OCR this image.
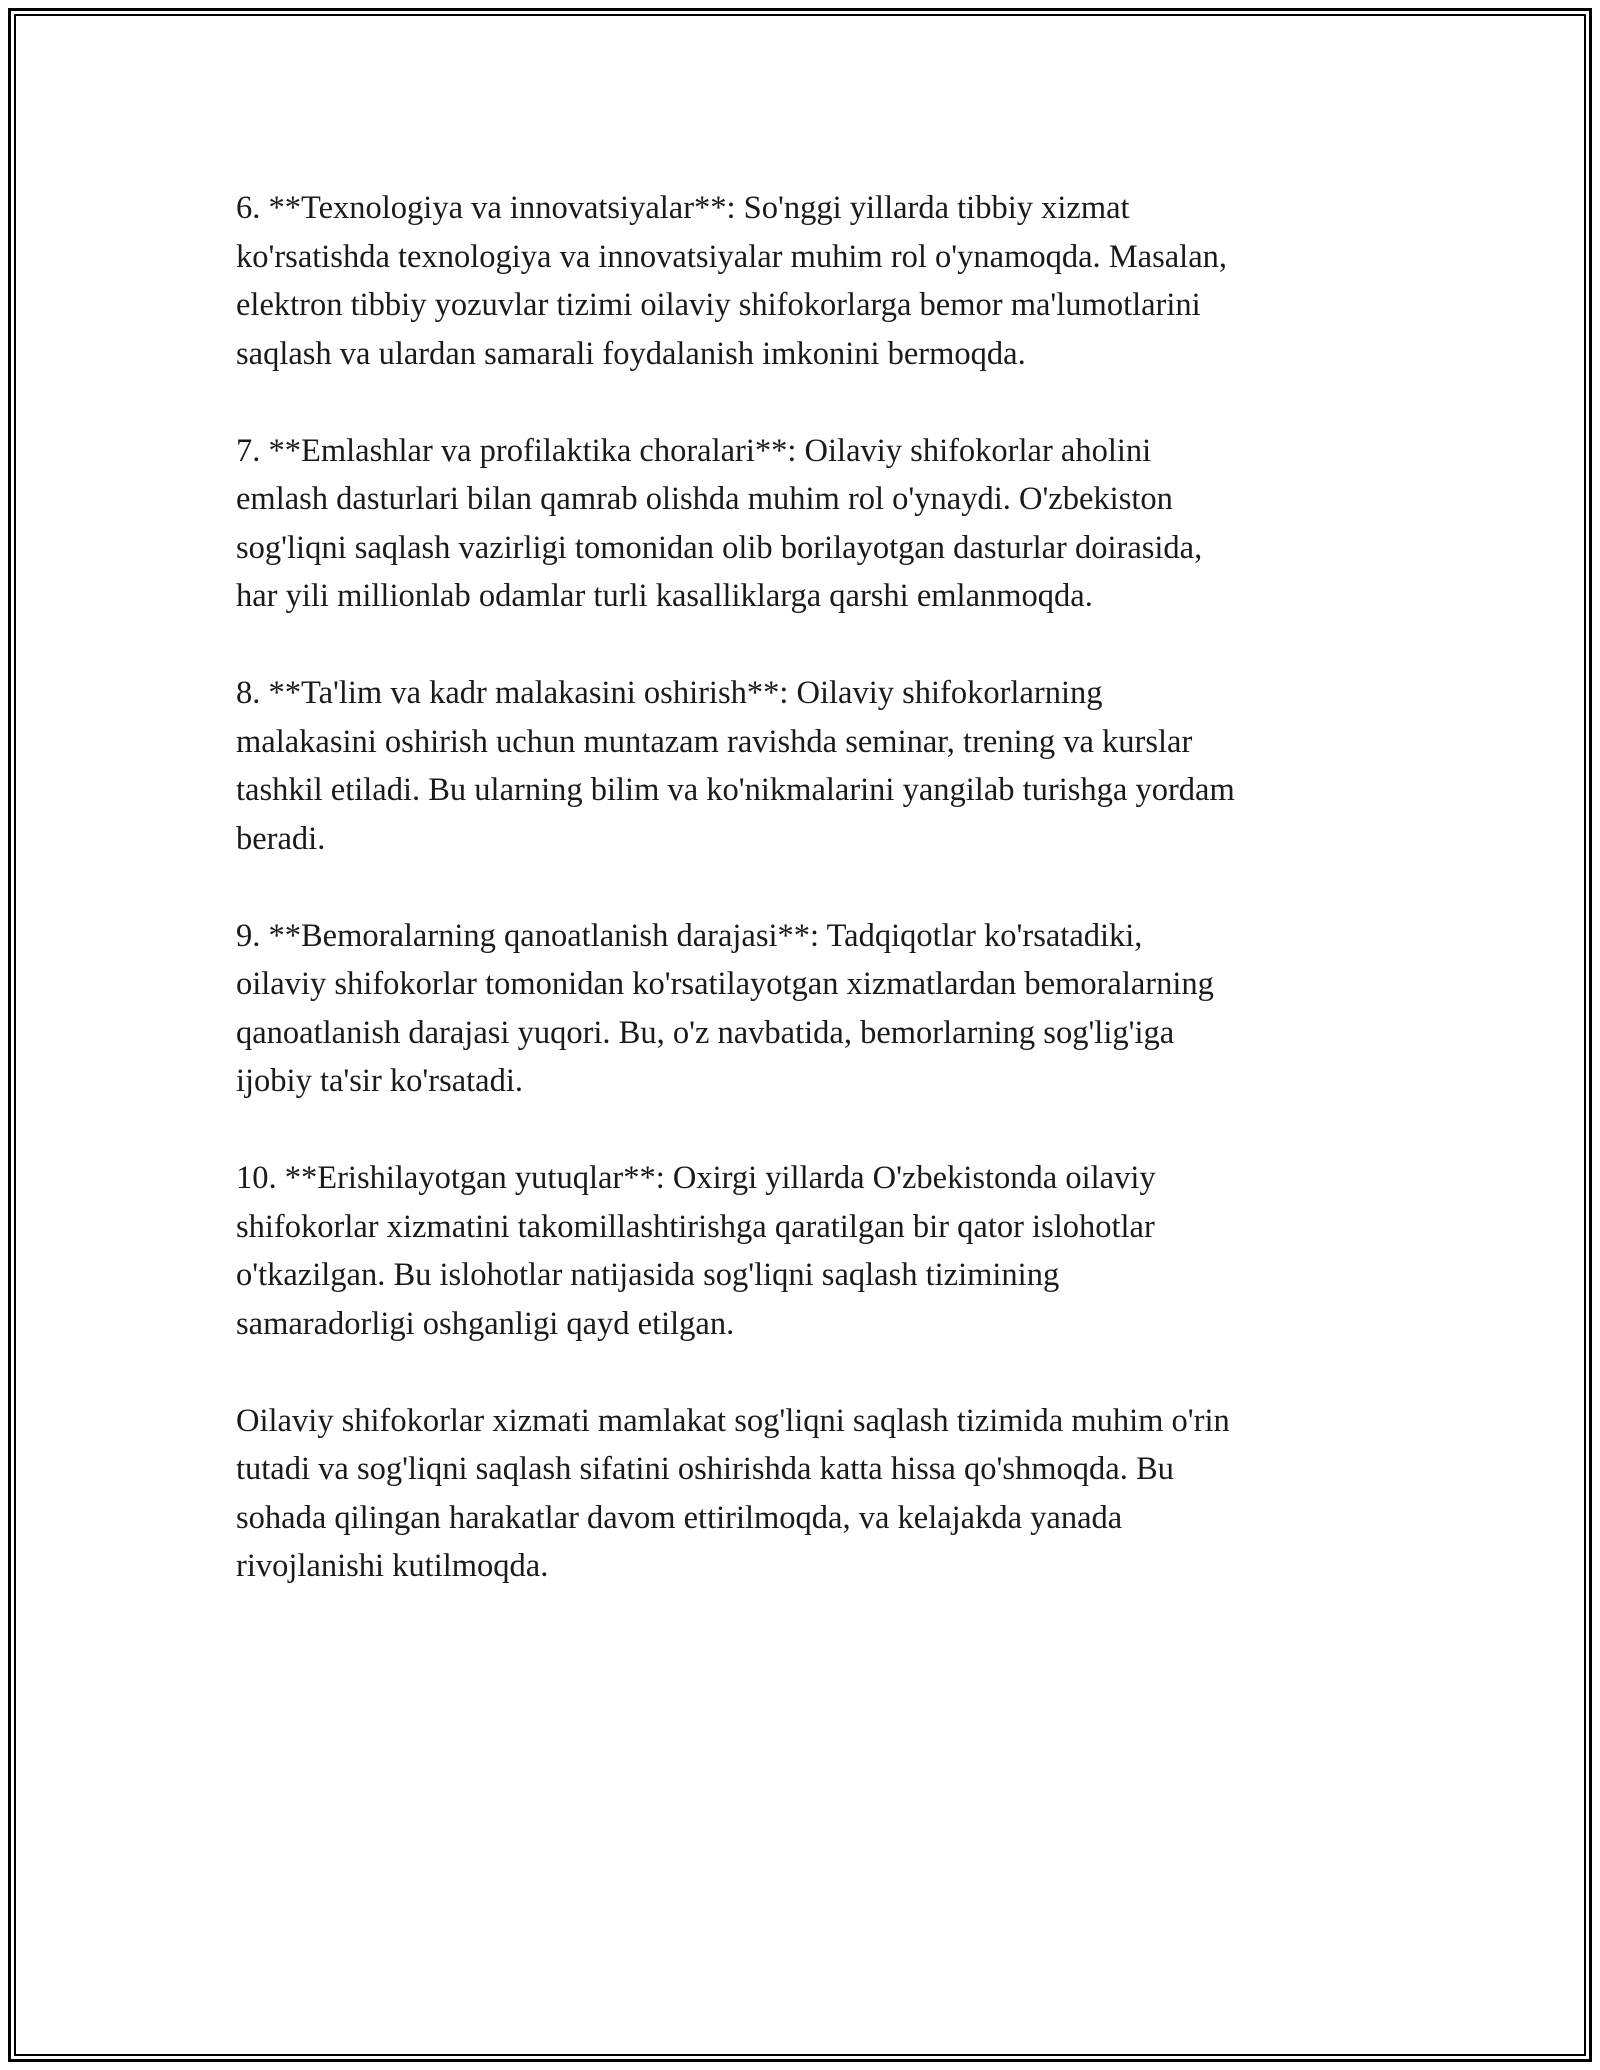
6. **Texnologiya va innovatsiyalar**: So'nggi yillarda tibbiy xizmat
ko'rsatishda texnologiya va innovatsiyalar muhim rol o'ynamoqda. Masalan,
elektron tibbiy yozuvlar tizimi oilaviy shifokorlarga bemor ma'lumotlarini
saqlash va ulardan samarali foydalanish imkonini bermoqda.

7. **Emlashlar va profilaktika choralari**: Oilaviy shifokorlar aholini
emlash dasturlari bilan qamrab olishda muhim rol o'ynaydi. O'zbekiston
sog'liqni saqlash vazirligi tomonidan olib borilayotgan dasturlar doirasida,
har yili millionlab odamlar turli kasalliklarga qarshi emlanmoqda.

8. **Ta'lim va kadr malakasini oshirish**: Oilaviy shifokorlarning
malakasini oshirish uchun muntazam ravishda seminar, trening va kurslar
tashkil etiladi. Bu ularning bilim va ko'nikmalarini yangilab turishga yordam
beradi.

9. **Bemoralarning qanoatlanish darajasi**: Tadqiqotlar ko'rsatadiki,
oilaviy shifokorlar tomonidan ko'rsatilayotgan xizmatlardan bemoralarning
qanoatlanish darajasi yuqori. Bu, o'z navbatida, bemorlarning sog'lig'iga
ijobiy ta'sir ko'rsatadi.

10. **Erishilayotgan yutuqlar**: Oxirgi yillarda O'zbekistonda oilaviy
shifokorlar xizmatini takomillashtirishga qaratilgan bir qator islohotlar
o'tkazilgan. Bu islohotlar natijasida sog'liqni saqlash tizimining
samaradorligi oshganligi qayd etilgan.

Oilaviy shifokorlar xizmati mamlakat sog'liqni saqlash tizimida muhim o'rin
tutadi va sog'liqni saqlash sifatini oshirishda katta hissa qo'shmoqda. Bu
sohada qilingan harakatlar davom ettirilmoqda, va kelajakda yanada
rivojlanishi kutilmoqda.
